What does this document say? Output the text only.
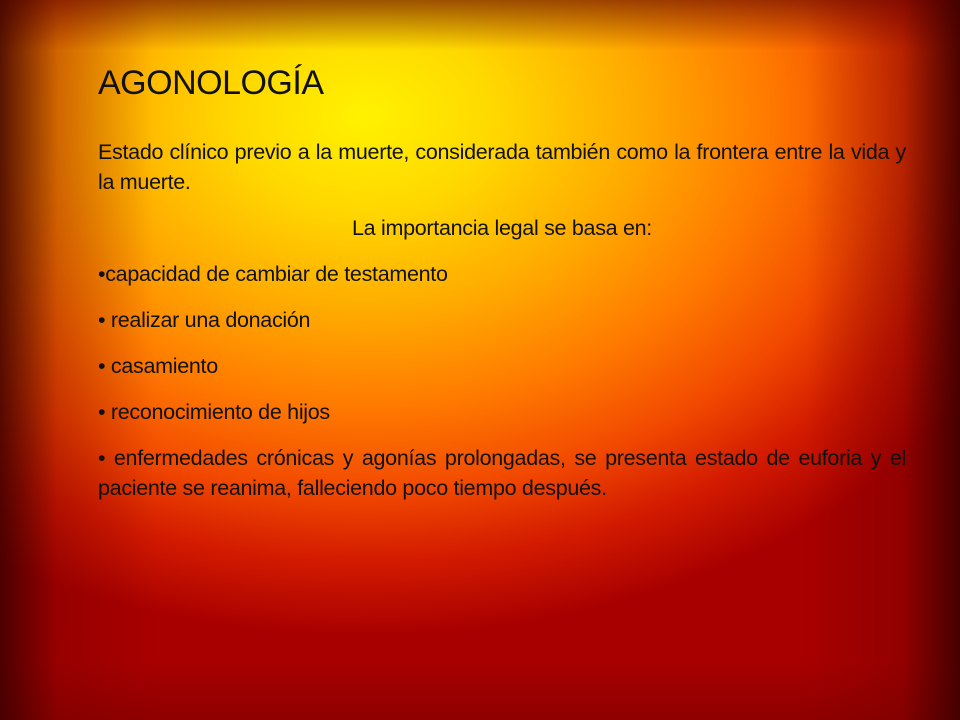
AGONOLOGÍA

Estado clínico previo a la muerte, considerada también como la frontera entre la vida y la muerte.

La importancia legal se basa en:

•capacidad de cambiar de testamento

• realizar una donación

• casamiento

• reconocimiento de hijos

• enfermedades crónicas y agonías prolongadas, se presenta estado de euforia y el paciente se reanima, falleciendo poco tiempo después.
